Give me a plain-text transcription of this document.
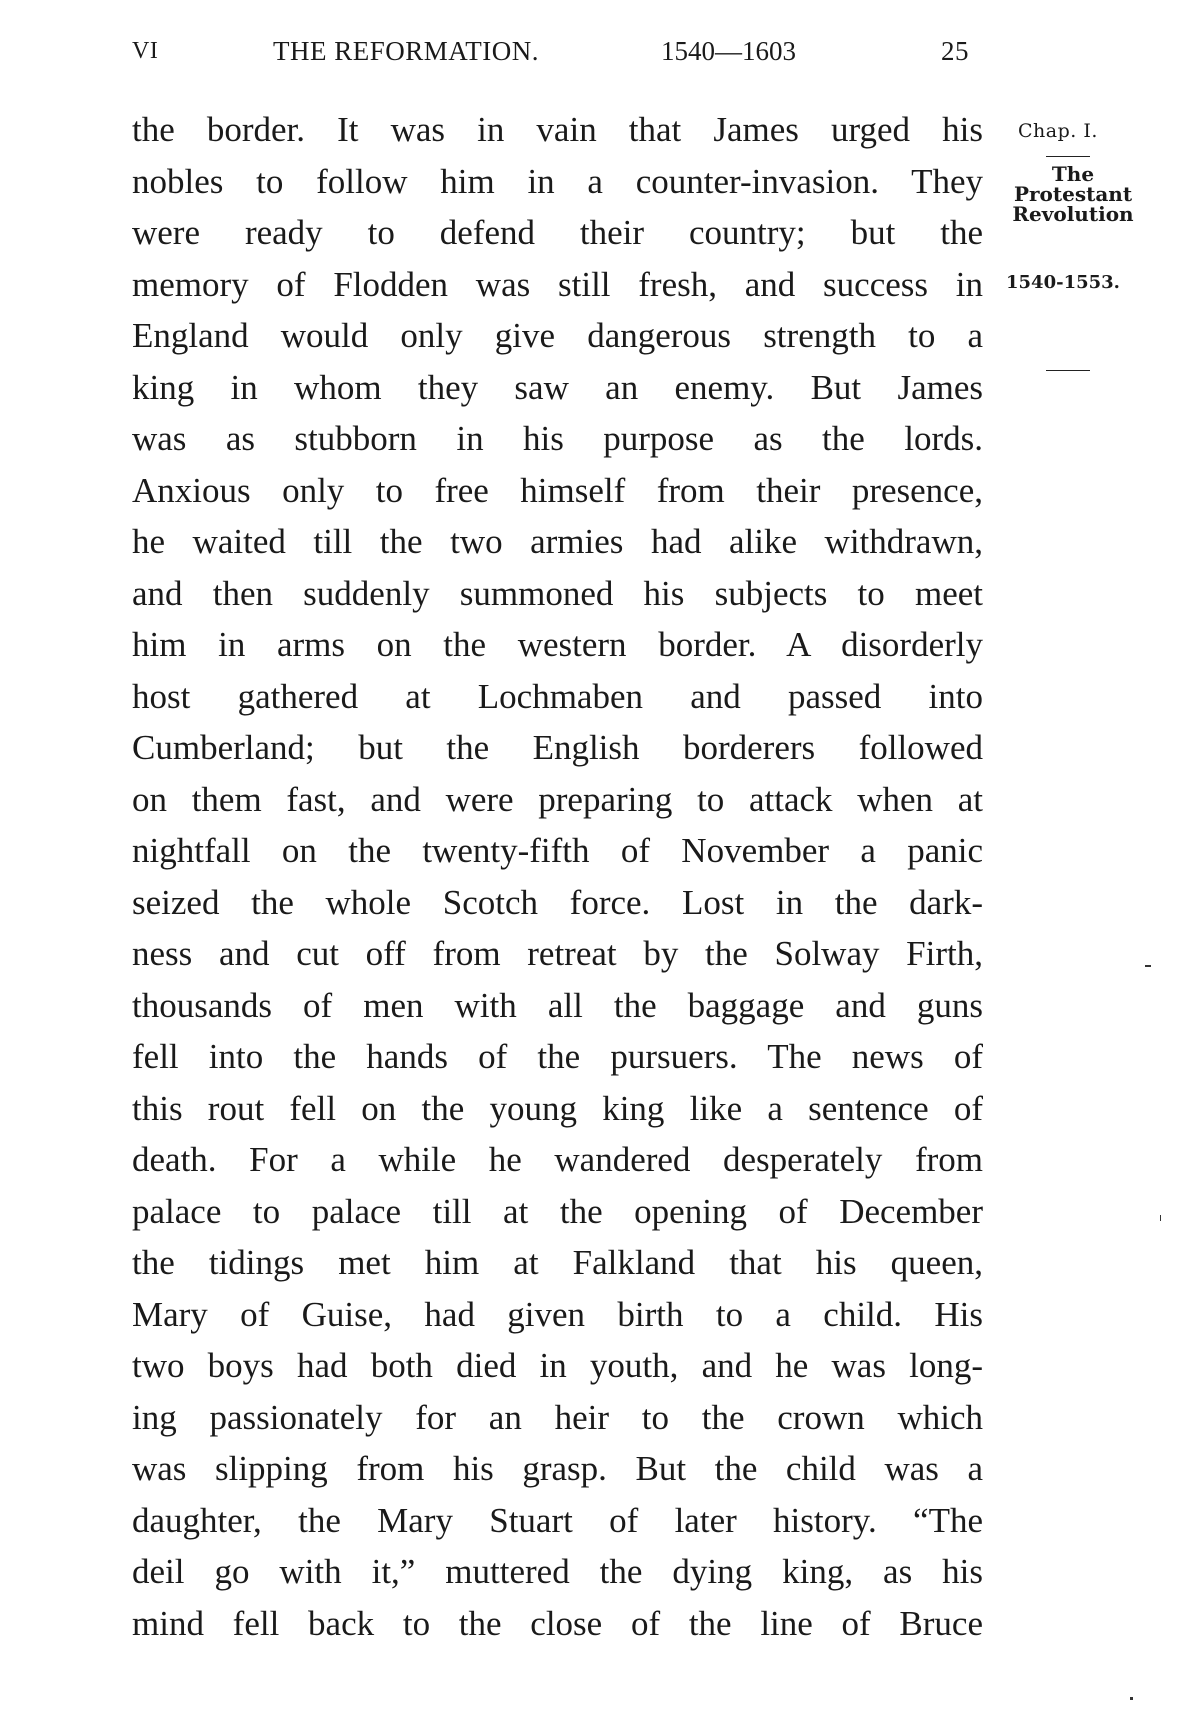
VI	THE REFORMATION.	1540—1603	25
the border. It was in vain that James urged his
nobles to follow him in a counter-invasion. They
were ready to defend their country; but the
memory of Flodden was still fresh, and success in
England would only give dangerous strength to a
king in whom they saw an enemy. But James
was as stubborn in his purpose as the lords.
Anxious only to free himself from their presence,
he waited till the two armies had alike withdrawn,
and then suddenly summoned his subjects to meet
him in arms on the western border. A disorderly
host gathered at Lochmaben and passed into
Cumberland; but the English borderers followed
on them fast, and were preparing to attack when at
nightfall on the twenty-fifth of November a panic
seized the whole Scotch force. Lost in the dark-
ness and cut off from retreat by the Solway Firth,
thousands of men with all the baggage and guns
fell into the hands of the pursuers. The news of
this rout fell on the young king like a sentence of
death. For a while he wandered desperately from
palace to palace till at the opening of December
the tidings met him at Falkland that his queen,
Mary of Guise, had given birth to a child. His
two boys had both died in youth, and he was long-
ing passionately for an heir to the crown which
was slipping from his grasp. But the child was a
daughter, the Mary Stuart of later history. “The
deil go with it,” muttered the dying king, as his
mind fell back to the close of the line of Bruce
Chap. I.
The
Protestant
Revolution
1540-1553.
